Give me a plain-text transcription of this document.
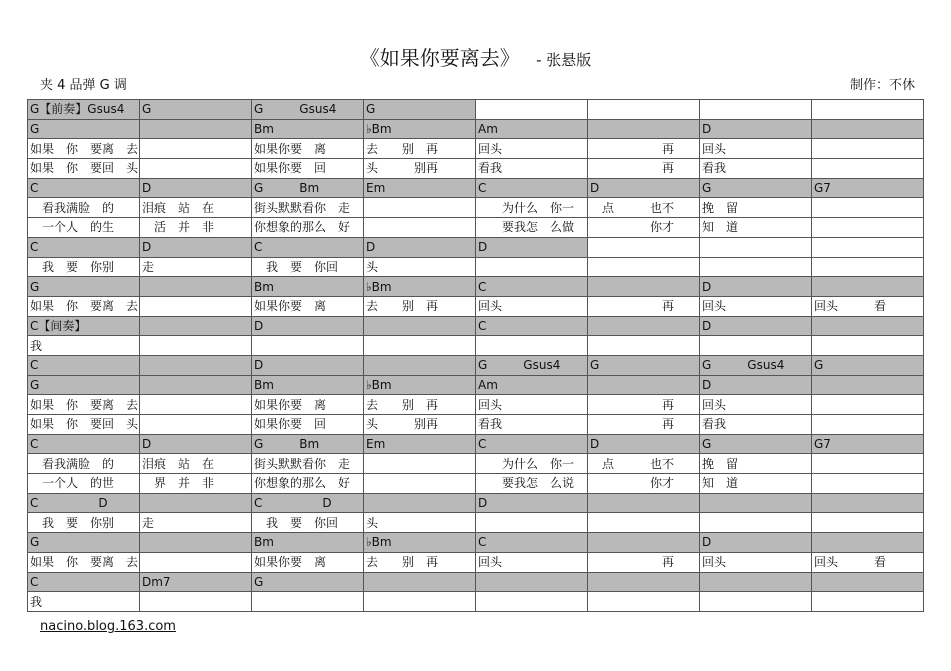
《如果你要离去》 - 张悬版
夹 4 品弹 G 调	制作：不休
G【前奏】Gsus4	G	G　　　Gsus4	G				
G		Bm	♭Bm	Am		D	
如果　你　要离　去		如果你要　离	去　　别　再	回头	　　　　　　再	回头	
如果　你　要回　头		如果你要　回	头　　　别再	看我	　　　　　　再	看我	
C	D	G　　　Bm	Em	C	D	G	G7
　看我满脸　的	泪痕　站　在	街头默默看你　走		　　为什么　你一	　点　　　也不	挽　留	
　一个人　的生	　活　并　非	你想象的那么　好		　　要我怎　么做	　　　　　你才	知　道	
C	D	C	D	D			
　我　要　你别	走	　我　要　你回	头				
G		Bm	♭Bm	C		D	
如果　你　要离　去		如果你要　离	去　　别　再	回头	　　　　　　再	回头	回头　　　看
C【间奏】		D		C		D	
我							
C		D		G　　　Gsus4	G	G　　　Gsus4	G
G		Bm	♭Bm	Am		D	
如果　你　要离　去		如果你要　离	去　　别　再	回头	　　　　　　再	回头	
如果　你　要回　头		如果你要　回	头　　　别再	看我	　　　　　　再	看我	
C	D	G　　　Bm	Em	C	D	G	G7
　看我满脸　的	泪痕　站　在	街头默默看你　走		　　为什么　你一	　点　　　也不	挽　留	
　一个人　的世	　界　并　非	你想象的那么　好		　　要我怎　么说	　　　　　你才	知　道	
C　　　　　D		C　　　　　D		D			
　我　要　你别	走	　我　要　你回	头				
G		Bm	♭Bm	C		D	
如果　你　要离　去		如果你要　离	去　　别　再	回头	　　　　　　再	回头	回头　　　看
C	Dm7	G					
我							
nacino.blog.163.com
